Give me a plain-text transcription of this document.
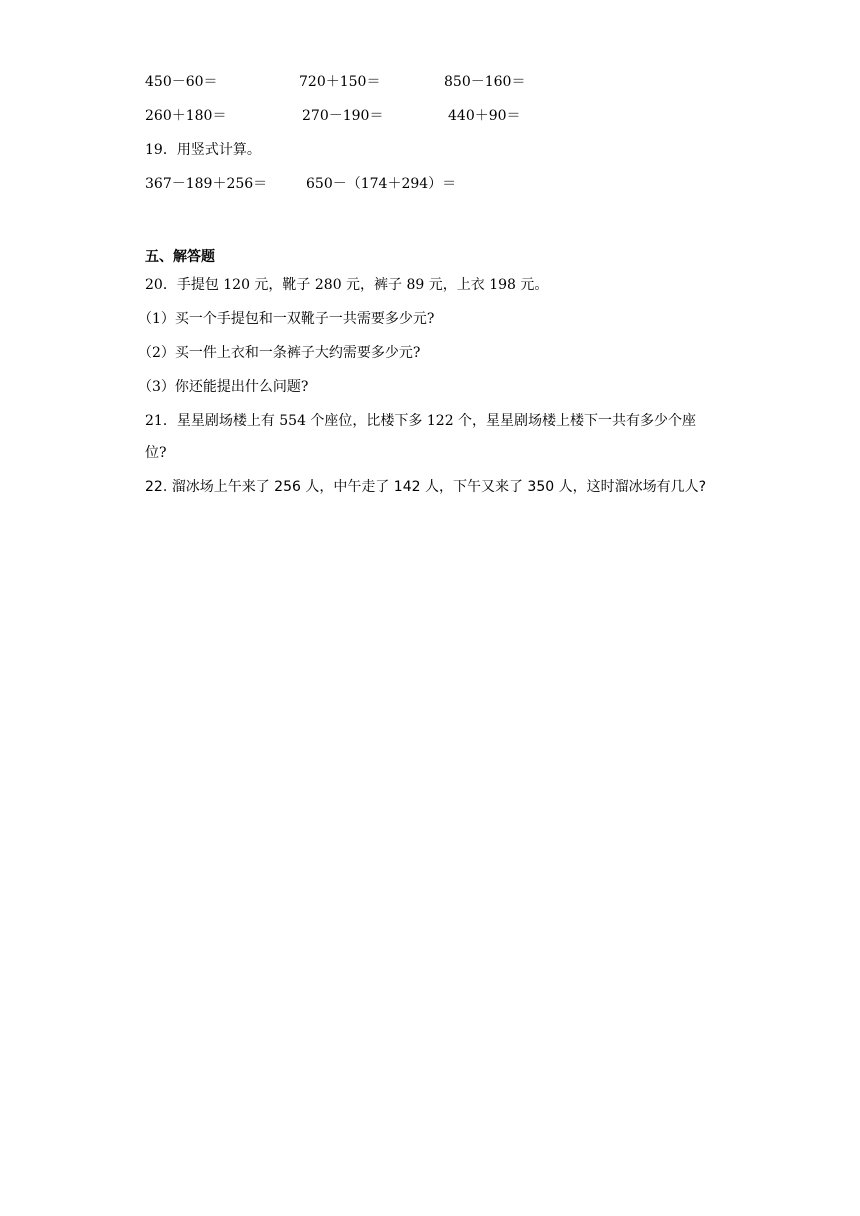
450－60＝	720＋150＝	850－160＝
260＋180＝	270－190＝	440＋90＝
19．用竖式计算。
367－189＋256＝	650－（174＋294）＝
五、解答题
20．手提包 120 元，靴子 280 元，裤子 89 元，上衣 198 元。
（1）买一个手提包和一双靴子一共需要多少元?
（2）买一件上衣和一条裤子大约需要多少元?
（3）你还能提出什么问题?
21．星星剧场楼上有 554 个座位，比楼下多 122 个，星星剧场楼上楼下一共有多少个座
位?
22. 溜冰场上午来了 256 人，中午走了 142 人，下午又来了 350 人，这时溜冰场有几人?
